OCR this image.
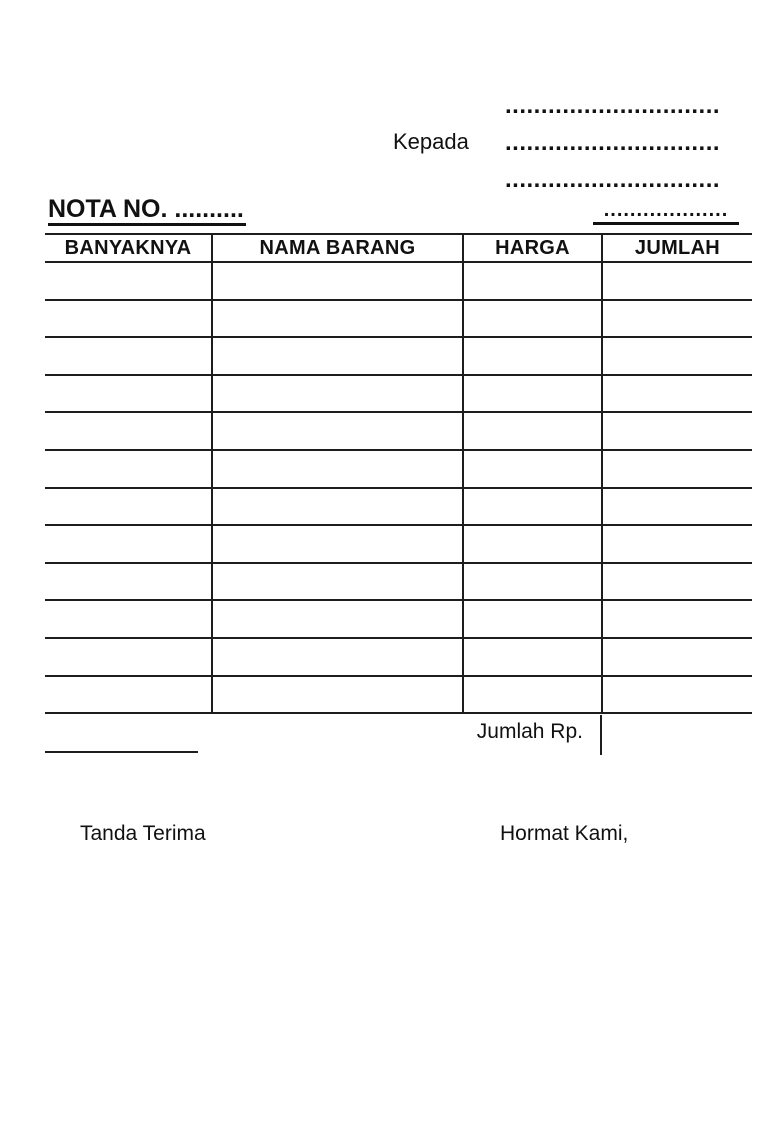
Kepada
..............................
..............................
..............................
NOTA NO. ..........	...................
BANYAKNYA	NAMA BARANG	HARGA	JUMLAH

Jumlah Rp.
Tanda Terima	Hormat Kami,
